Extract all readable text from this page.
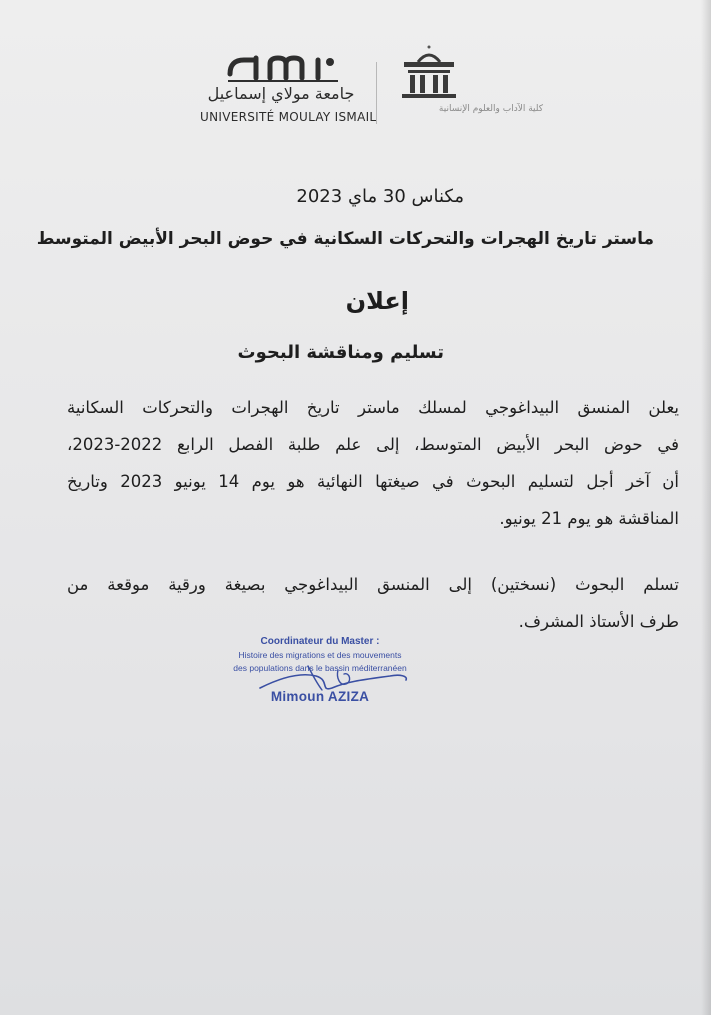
جامعة مولاي إسماعيل
UNIVERSITÉ MOULAY ISMAIL
كلية الآداب والعلوم الإنسانية
مكناس 30 ماي 2023
ماستر تاريخ الهجرات والتحركات السكانية في حوض البحر الأبيض المتوسط
إعلان
تسليم ومناقشة البحوث
يعلن المنسق البيداغوجي لمسلك ماستر تاريخ الهجرات والتحركات السكانية
في حوض البحر الأبيض المتوسط، إلى علم طلبة الفصل الرابع 2022-2023،
أن آخر أجل لتسليم البحوث في صيغتها النهائية هو يوم 14 يونيو 2023 وتاريخ
المناقشة هو يوم 21 يونيو.
تسلم البحوث (نسختين) إلى المنسق البيداغوجي بصيغة ورقية موقعة من
طرف الأستاذ المشرف.
Coordinateur du Master :
Histoire des migrations et des mouvements
des populations dans le bassin méditerranéen
Mimoun AZIZA
